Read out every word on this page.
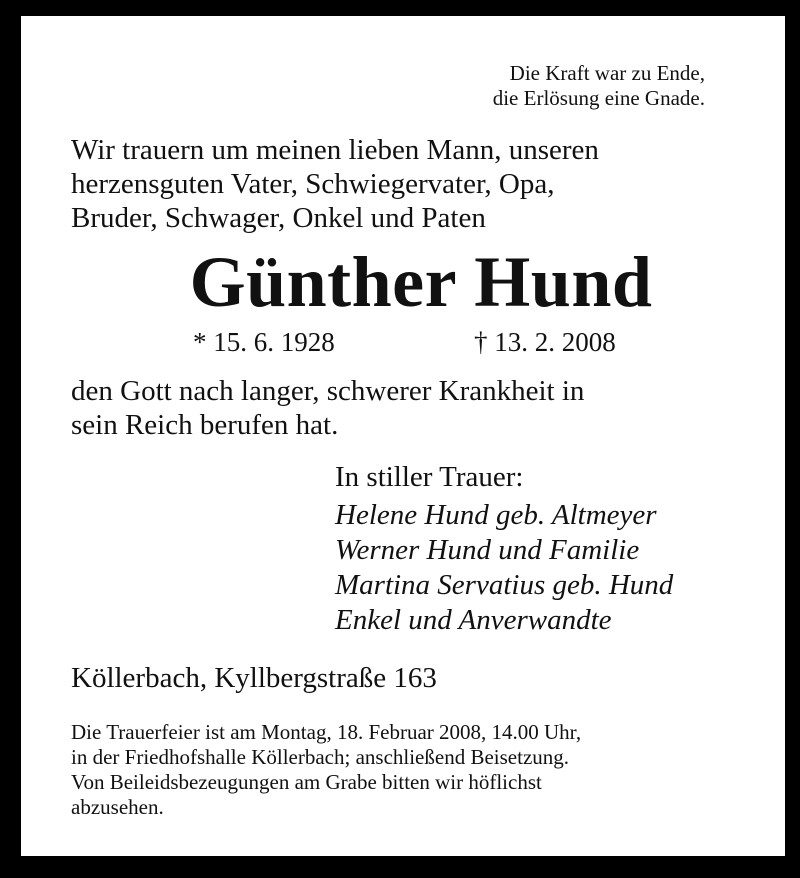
Die Kraft war zu Ende,
die Erlösung eine Gnade.

Wir trauern um meinen lieben Mann, unseren
herzensguten Vater, Schwiegervater, Opa,
Bruder, Schwager, Onkel und Paten

Günther Hund
* 15. 6. 1928	† 13. 2. 2008

den Gott nach langer, schwerer Krankheit in
sein Reich berufen hat.

In stiller Trauer:

Helene Hund geb. Altmeyer
Werner Hund und Familie
Martina Servatius geb. Hund
Enkel und Anverwandte

Köllerbach, Kyllbergstraße 163

Die Trauerfeier ist am Montag, 18. Februar 2008, 14.00 Uhr,
in der Friedhofshalle Köllerbach; anschließend Beisetzung.
Von Beileidsbezeugungen am Grabe bitten wir höflichst
abzusehen.
